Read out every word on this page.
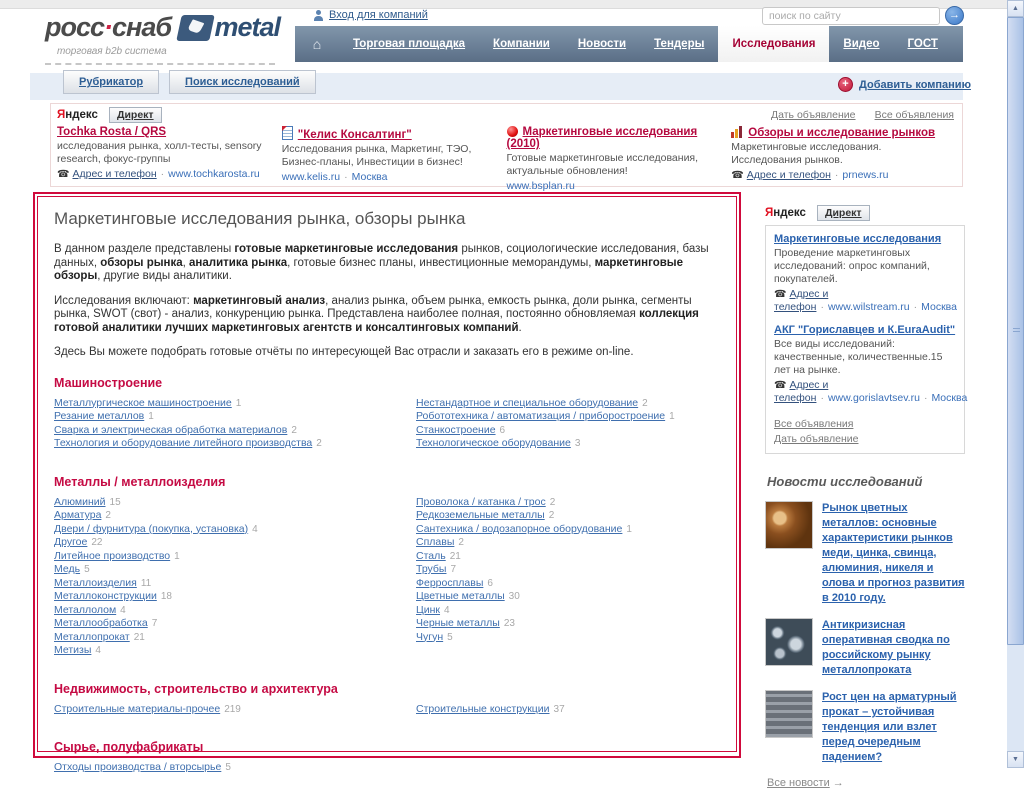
росс·снаб metal
торговая b2b система
Вход для компаний
поиск по сайту
→
⌂
Торговая площадка	Компании	Новости	Тендеры	Исследования	Видео	ГОСТ
Рубрикатор	Поиск исследований +	Добавить компанию
Яндекс Директ	Дать объявление Все объявления
Tochka Rosta / QRS
исследования рынка, холл-тесты, sensory research, фокус-группы
☎ Адрес и телефон · www.tochkarosta.ru
"Келис Консалтинг"
Исследования рынка, Маркетинг, ТЭО, Бизнес-планы, Инвестиции в бизнес!
www.kelis.ru · Москва
Маркетинговые исследования (2010)
Готовые маркетинговые исследования, актуальные обновления!
www.bsplan.ru
Обзоры и исследование рынков
Маркетинговые исследования. Исследования рынков.
☎ Адрес и телефон · prnews.ru
Маркетинговые исследования рынка, обзоры рынка
В данном разделе представлены готовые маркетинговые исследования рынков, социологические исследования, базы данных, обзоры рынка, аналитика рынка, готовые бизнес планы, инвестиционные меморандумы, маркетинговые обзоры, другие виды аналитики.
Исследования включают: маркетинговый анализ, анализ рынка, объем рынка, емкость рынка, доли рынка, сегменты рынка, SWOT (свот) - анализ, конкуренцию рынка. Представлена наиболее полная, постоянно обновляемая коллекция готовой аналитики лучших маркетинговых агентств и консалтинговых компаний.
Здесь Вы можете подобрать готовые отчёты по интересующей Вас отрасли и заказать его в режиме on-line.
Машиностроение
Металлургическое машиностроение 1
Резание металлов 1
Сварка и электрическая обработка материалов 2
Технология и оборудование литейного производства 2
Нестандартное и специальное оборудование 2
Робототехника / автоматизация / приборостроение 1
Станкостроение 6
Технологическое оборудование 3
Металлы / металлоизделия
Алюминий 15
Арматура 2
Двери / фурнитура (покупка, установка) 4
Другое 22
Литейное производство 1
Медь 5
Металлоизделия 11
Металлоконструкции 18
Металлолом 4
Металлообработка 7
Металлопрокат 21
Метизы 4
Проволока / катанка / трос 2
Редкоземельные металлы 2
Сантехника / водозапорное оборудование 1
Сплавы 2
Сталь 21
Трубы 7
Ферросплавы 6
Цветные металлы 30
Цинк 4
Черные металлы 23
Чугун 5
Недвижимость, строительство и архитектура
Строительные материалы-прочее 219	Строительные конструкции 37
Сырье, полуфабрикаты
Отходы производства / вторсырье 5
Яндекс Директ
Маркетинговые исследования
Проведение маркетинговых исследований: опрос компаний, покупателей.
☎ Адрес и телефон · www.wilstream.ru · Москва
АКГ "Гориславцев и К.EuraAudit"
Все виды исследований: качественные, количественные.15 лет на рынке.
☎ Адрес и телефон · www.gorislavtsev.ru · Москва
Все объявления
Дать объявление
Новости исследований
Рынок цветных металлов: основные характеристики рынков меди, цинка, свинца, алюминия, никеля и олова и прогноз развития в 2010 году.
Антикризисная оперативная сводка по российскому рынку металлопроката
Рост цен на арматурный прокат – устойчивая тенденция или взлет перед очередным падением?
Все новости →
▲
▼
